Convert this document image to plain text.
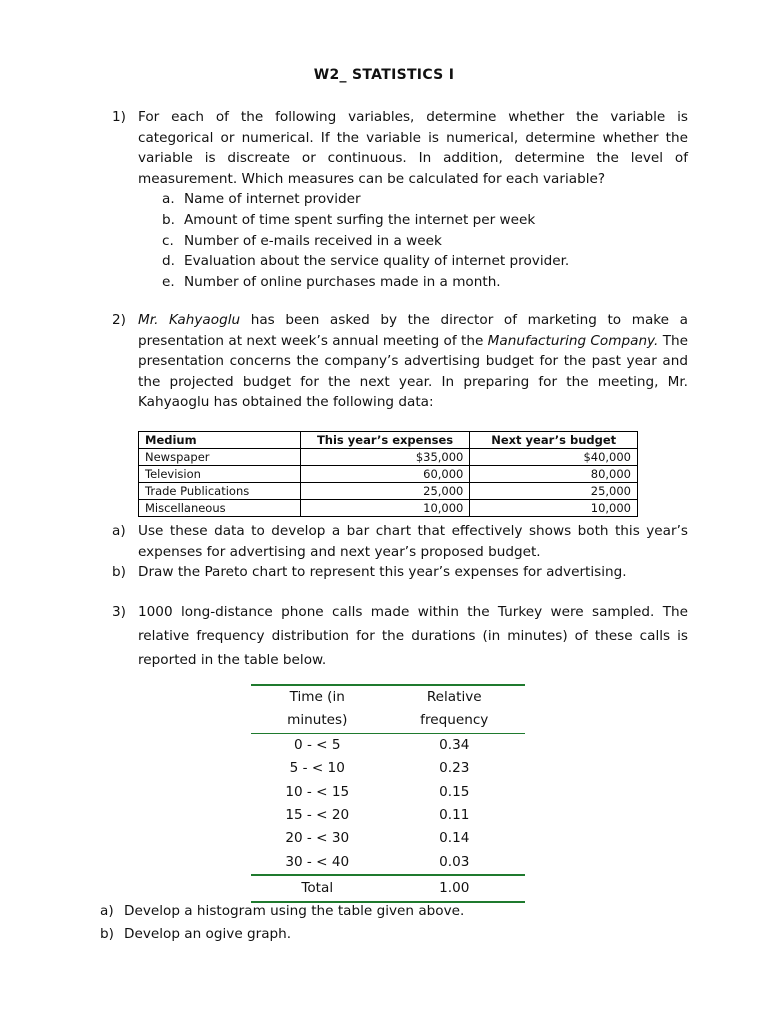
W2_ STATISTICS I
1) For each of the following variables, determine whether the variable is categorical or numerical. If the variable is numerical, determine whether the variable is discreate or continuous. In addition, determine the level of measurement. Which measures can be calculated for each variable?

a. Name of internet provider
b. Amount of time spent surfing the internet per week
c. Number of e-mails received in a week
d. Evaluation about the service quality of internet provider.
e. Number of online purchases made in a month.
2) Mr. Kahyaoglu has been asked by the director of marketing to make a presentation at next week’s annual meeting of the Manufacturing Company. The presentation concerns the company’s advertising budget for the past year and the projected budget for the next year. In preparing for the meeting, Mr. Kahyaoglu has obtained the following data:

Medium	This year’s expenses	Next year’s budget
Newspaper	$35,000	$40,000
Television	60,000	80,000
Trade Publications	25,000	25,000
Miscellaneous	10,000	10,000
a) Use these data to develop a bar chart that effectively shows both this year’s expenses for advertising and next year’s proposed budget.
b) Draw the Pareto chart to represent this year’s expenses for advertising.
3) 1000 long-distance phone calls made within the Turkey were sampled. The relative frequency distribution for the durations (in minutes) of these calls is reported in the table below.

Time (in	Relative
minutes)	frequency
0 - < 5	0.34
5 - < 10	0.23
10 - < 15	0.15
15 - < 20	0.11
20 - < 30	0.14
30 - < 40	0.03
Total	1.00
a) Develop a histogram using the table given above.
b) Develop an ogive graph.
